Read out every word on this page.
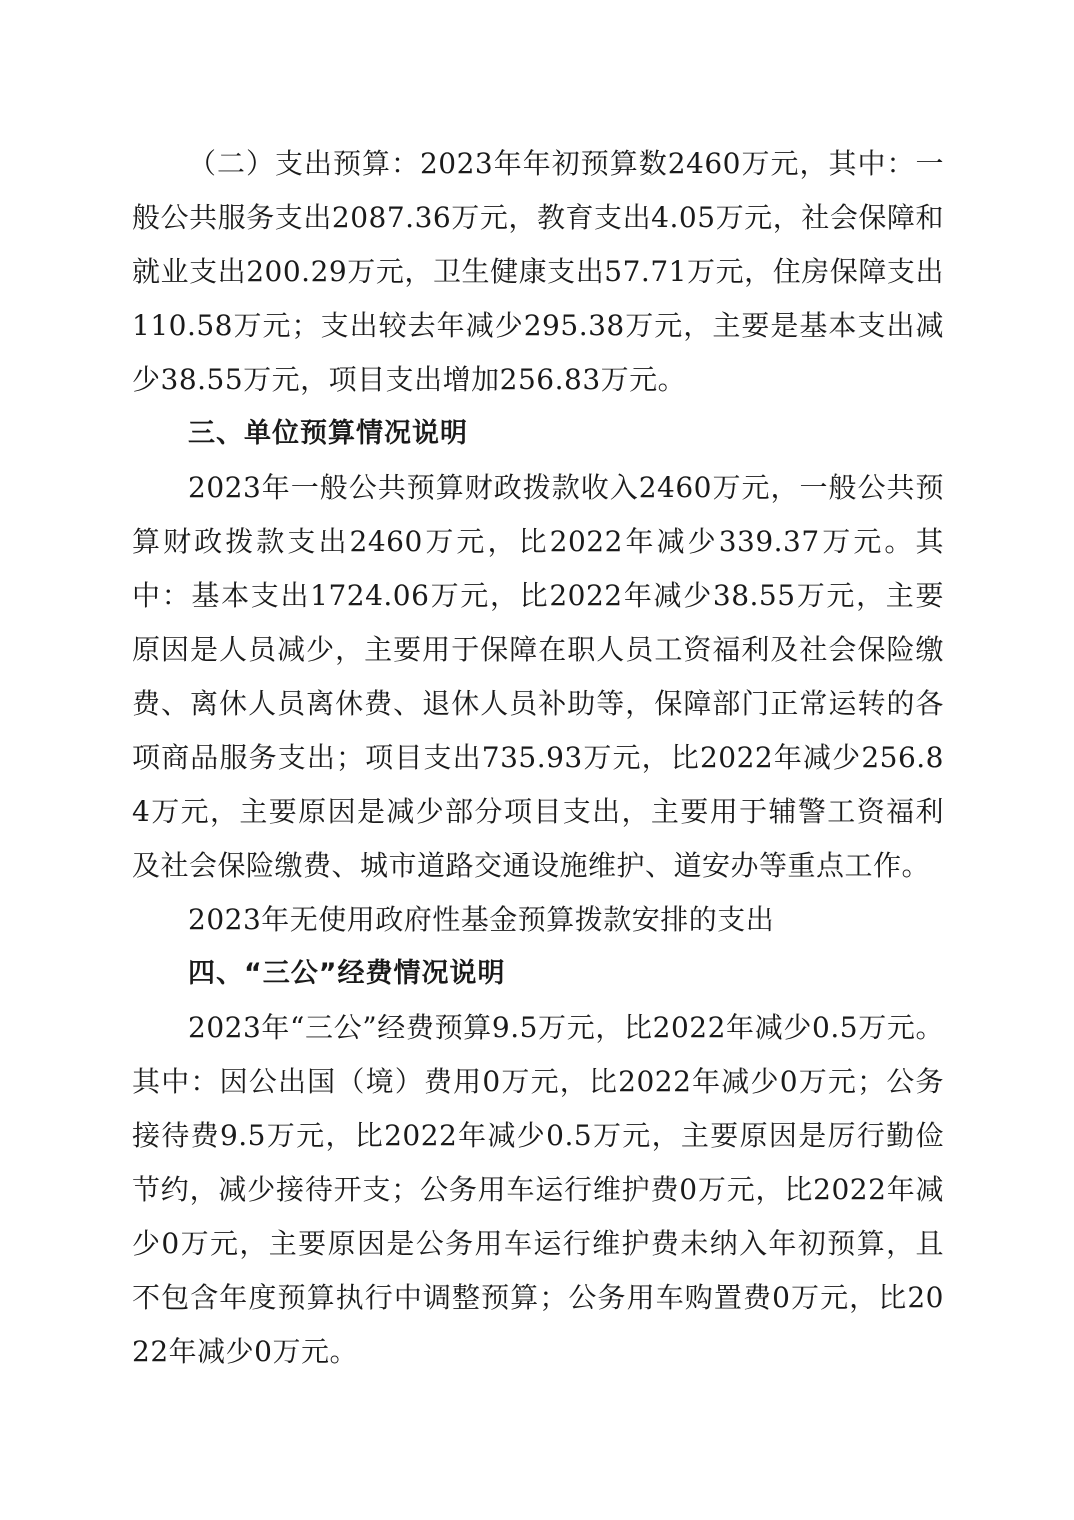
（二）支出预算：2023年年初预算数2460万元，其中：一般公共服务支出2087.36万元，教育支出4.05万元，社会保障和就业支出200.29万元，卫生健康支出57.71万元，住房保障支出110.58万元；支出较去年减少295.38万元，主要是基本支出减少38.55万元，项目支出增加256.83万元。

三、单位预算情况说明

2023年一般公共预算财政拨款收入2460万元，一般公共预算财政拨款支出2460万元，比2022年减少339.37万元。其中：基本支出1724.06万元，比2022年减少38.55万元，主要原因是人员减少，主要用于保障在职人员工资福利及社会保险缴费、离休人员离休费、退休人员补助等，保障部门正常运转的各项商品服务支出；项目支出735.93万元，比2022年减少256.84万元，主要原因是减少部分项目支出，主要用于辅警工资福利及社会保险缴费、城市道路交通设施维护、道安办等重点工作。

2023年无使用政府性基金预算拨款安排的支出

四、“三公”经费情况说明

2023年“三公”经费预算9.5万元，比2022年减少0.5万元。其中：因公出国（境）费用0万元，比2022年减少0万元；公务接待费9.5万元，比2022年减少0.5万元，主要原因是厉行勤俭节约，减少接待开支；公务用车运行维护费0万元，比2022年减少0万元，主要原因是公务用车运行维护费未纳入年初预算，且不包含年度预算执行中调整预算；公务用车购置费0万元，比2022年减少0万元。
